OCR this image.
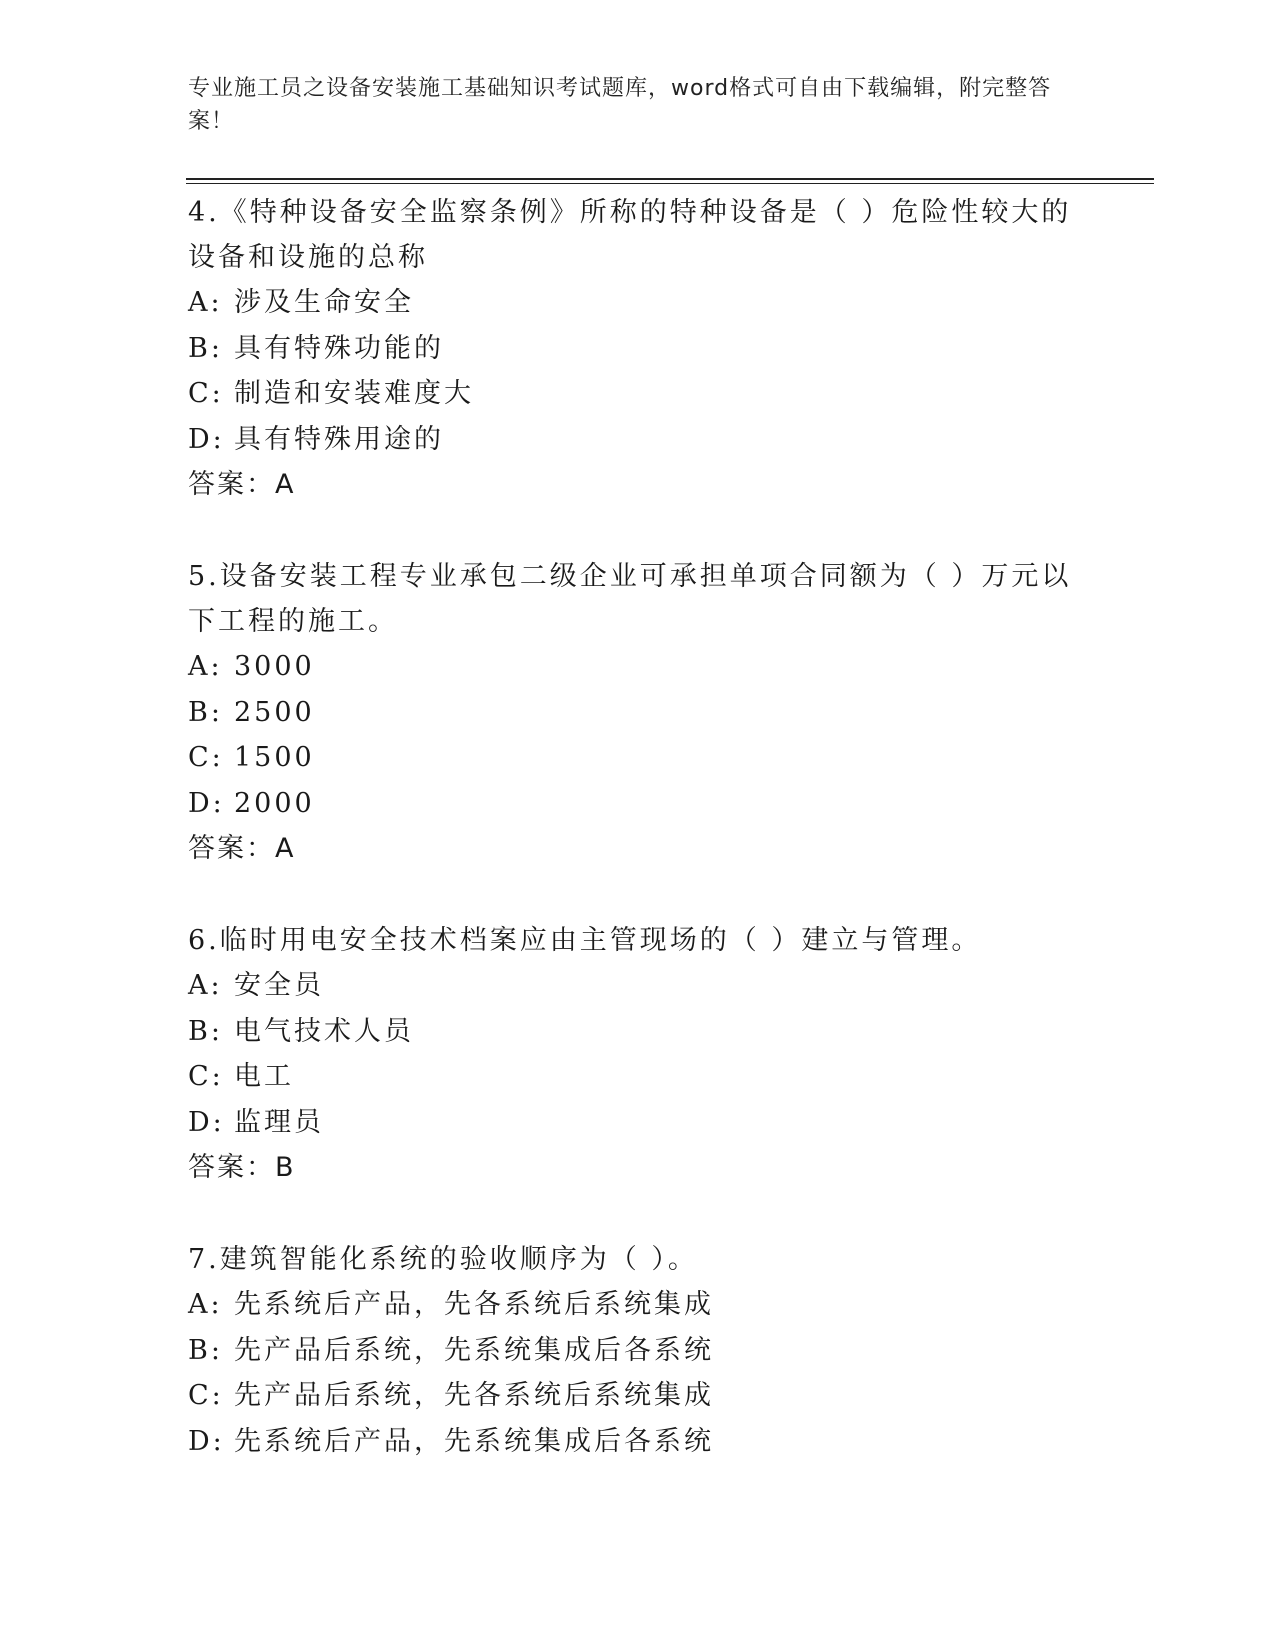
专业施工员之设备安装施工基础知识考试题库，word格式可自由下载编辑，附完整答案！

4.《特种设备安全监察条例》所称的特种设备是（ ）危险性较大的设备和设施的总称

A: 涉及生命安全

B: 具有特殊功能的

C: 制造和安装难度大

D: 具有特殊用途的

答案：A

5.设备安装工程专业承包二级企业可承担单项合同额为（ ）万元以下工程的施工。

A: 3000

B: 2500

C: 1500

D: 2000

答案：A

6.临时用电安全技术档案应由主管现场的（ ）建立与管理。

A: 安全员

B: 电气技术人员

C: 电工

D: 监理员

答案：B

7.建筑智能化系统的验收顺序为（ ）。

A: 先系统后产品，先各系统后系统集成

B: 先产品后系统，先系统集成后各系统

C: 先产品后系统，先各系统后系统集成

D: 先系统后产品，先系统集成后各系统
